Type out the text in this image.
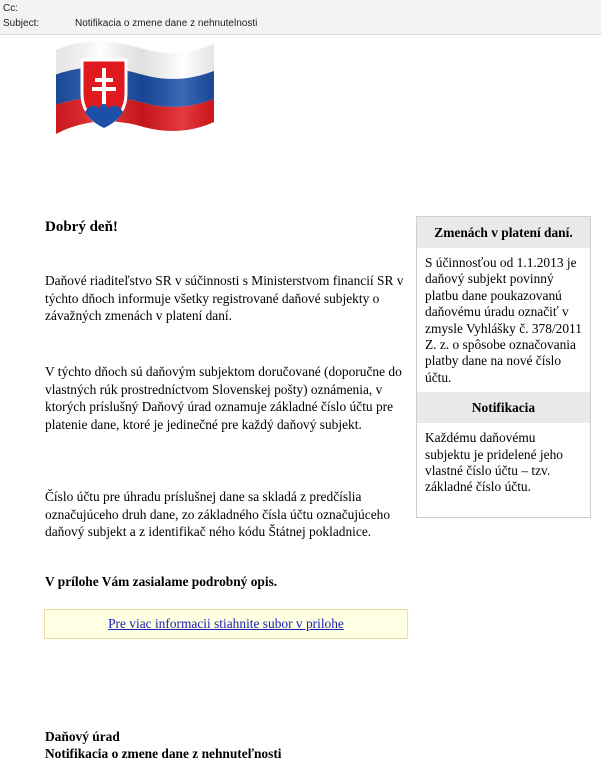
Cc:
Subject:	Notifikacia o zmene dane z nehnutelnosti
Dobrý deň!
Daňové riaditeľstvo SR v súčinnosti s Ministerstvom financií SR v týchto dňoch informuje všetky registrované daňové subjekty o závažných zmenách v platení daní.
V týchto dňoch sú daňovým subjektom doručované (doporučne do vlastných rúk prostredníctvom Slovenskej pošty) oznámenia, v ktorých príslušný Daňový úrad oznamuje základné číslo účtu pre platenie dane, ktoré je jedinečné pre každý daňový subjekt.
Číslo účtu pre úhradu príslušnej dane sa skladá z predčíslia označujúceho druh dane, zo základného čísla účtu označujúceho daňový subjekt a z identifikač ného kódu Štátnej pokladnice.
V prílohe Vám zasialame podrobný opis.
Pre viac informacii stiahnite subor v prilohe
Zmenách v platení daní.
S účinnosťou od 1.1.2013 je daňový subjekt povinný platbu dane poukazovanú daňovému úradu označiť v zmysle Vyhlášky č. 378/2011 Z. z. o spôsobe označovania platby dane na nové číslo účtu.
Notifikacia
Každému daňovému subjektu je pridelené jeho vlastné číslo účtu – tzv. základné číslo účtu.
Daňový úrad
Notifikacia o zmene dane z nehnuteľnosti
